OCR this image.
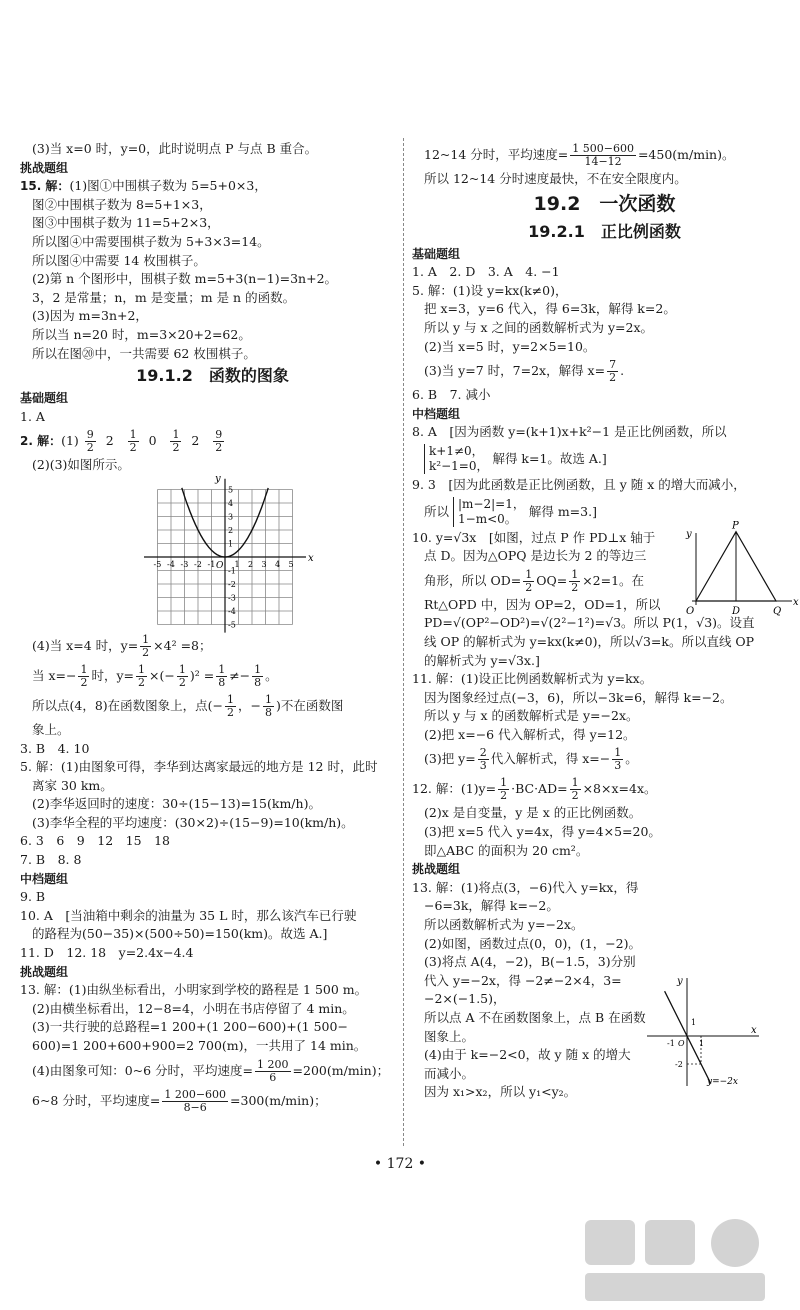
(3)当 x=0 时，y=0，此时说明点 P 与点 B 重合。
挑战题组
15. 解：(1)图①中围棋子数为 5=5+0×3，
图②中围棋子数为 8=5+1×3，
图③中围棋子数为 11=5+2×3，
所以图④中需要围棋子数为 5+3×3=14。
所以图④中需要 14 枚围棋子。
(2)第 n 个图形中，围棋子数 m=5+3(n−1)=3n+2。
3，2 是常量；n，m 是变量；m 是 n 的函数。
(3)因为 m=3n+2，
所以当 n=20 时，m=3×20+2=62。
所以在图⑳中，一共需要 62 枚围棋子。
19.1.2　函数的图象
基础题组
1. A
2. 解：$(1) \frac{9}{2} 2 \frac{1}{2} 0 \frac{1}{2} 2 \frac{9}{2}$
(2)(3)如图所示。
x
y
O
-5 -4 -3 -2 -1 1 2 3 4 5
5
4
3
2
1
-1
-2
-3
-4
-5
(4)当 x=4 时，$y= \frac{1}{2} \times 4^2 =8$；
当 $x=- \frac{1}{2}$ 时，$y= \frac{1}{2}$ ×(− $\frac{1}{2} )^2 = \frac{1}{8} \ne- \frac{1}{8}$ 。
所以点(4，8)在函数图象上，点(− $\frac{1}{2}$ ，− $\frac{1}{8}$ )不在函数图
象上。
3. B　4. 10
5. 解：(1)由图象可得，李华到达离家最远的地方是 12 时，此时
离家 30 km。
(2)李华返回时的速度：30÷(15−13)=15(km/h)。
(3)李华全程的平均速度：(30×2)÷(15−9)=10(km/h)。
6. 3　6　9　12　15　18
7. B　8. 8
中档题组
9. B
10. A　[当油箱中剩余的油量为 35 L 时，那么该汽车已行驶
的路程为(50−35)×(500÷50)=150(km)。故选 A.]
11. D　12. 18　y=2.4x−4.4
挑战题组
13. 解：(1)由纵坐标看出，小明家到学校的路程是 1 500 m。
(2)由横坐标看出，12−8=4，小明在书店停留了 4 min。
(3)一共行驶的总路程=1 200+(1 200−600)+(1 500−
600)=1 200+600+900=2 700(m)，一共用了 14 min。
(4)由图象可知：0~6 分时，平均速度= $\frac{1 200}{6} =200(m/\min)$；
6~8 分时，平均速度= $\frac{1 200-600}{8-6} =300(m/\min)$；
12~14 分时，平均速度= $\frac{1 500-600}{14-12} =450(m/\min)$。
所以 12~14 分时速度最快，不在安全限度内。
19.2　一次函数
19.2.1　正比例函数
基础题组
1. A　2. D　3. A　4. −1
5. 解：(1)设 y=kx(k≠0)，
把 x=3，y=6 代入，得 6=3k，解得 k=2。
所以 y 与 x 之间的函数解析式为 y=2x。
(2)当 x=5 时，y=2×5=10。
(3)当 y=7 时，7=2x，解得 $x= \frac{7}{2}$ .
6. B　7. 减小
中档题组
8. A　[因为函数 y=(k+1)x+k²−1 是正比例函数，所以
k+1≠0，
k²−1=0，
解得 k=1。故选 A.]
9. 3　[因为此函数是正比例函数，且 y 随 x 的增大而减小，
所以 |m−2|=1，
1−m<0。
解得 m=3.]
y
x
O
P
D	Q
10. y=√3x　[如图，过点 P 作 PD⊥x 轴于
点 D。因为△OPQ 是边长为 2 的等边三
角形，所以 $OD= \frac{1}{2} OQ= \frac{1}{2} \times 2=1$。在
Rt△OPD 中，因为 OP=2，OD=1，所以
PD=√(OP²−OD²)=√(2²−1²)=√3。所以 P(1，√3)。设直
线 OP 的解析式为 y=kx(k≠0)，所以√3=k。所以直线 OP
的解析式为 y=√3x.]
11. 解：(1)设正比例函数解析式为 y=kx。
因为图象经过点(−3，6)，所以−3k=6，解得 k=−2。
所以 y 与 x 的函数解析式是 y=−2x。
(2)把 x=−6 代入解析式，得 y=12。
(3)把 $y= \frac{2}{3}$ 代入解析式，得 $x=- \frac{1}{3}$ 。
12. 解：$(1)y= \frac{1}{2} \cdot BC\cdot AD= \frac{1}{2} \times 8\times x=4x$。
(2)x 是自变量，y 是 x 的正比例函数。
(3)把 x=5 代入 y=4x，得 y=4×5=20。
即△ABC 的面积为 20 cm²。
挑战题组
y
x
O
1
-1
-2
1
y=−2x
13. 解：(1)将点(3，−6)代入 y=kx，得
−6=3k，解得 k=−2。
所以函数解析式为 y=−2x。
(2)如图，函数过点(0，0)，(1，−2)。
(3)将点 A(4，−2)，B(−1.5，3)分别
代入 y=−2x，得 −2≠−2×4，3=
−2×(−1.5)，
所以点 A 不在函数图象上，点 B 在函数
图象上。
(4)由于 k=−2<0，故 y 随 x 的增大
而减小。
因为 x₁>x₂，所以 y₁<y₂。
• 172 •
